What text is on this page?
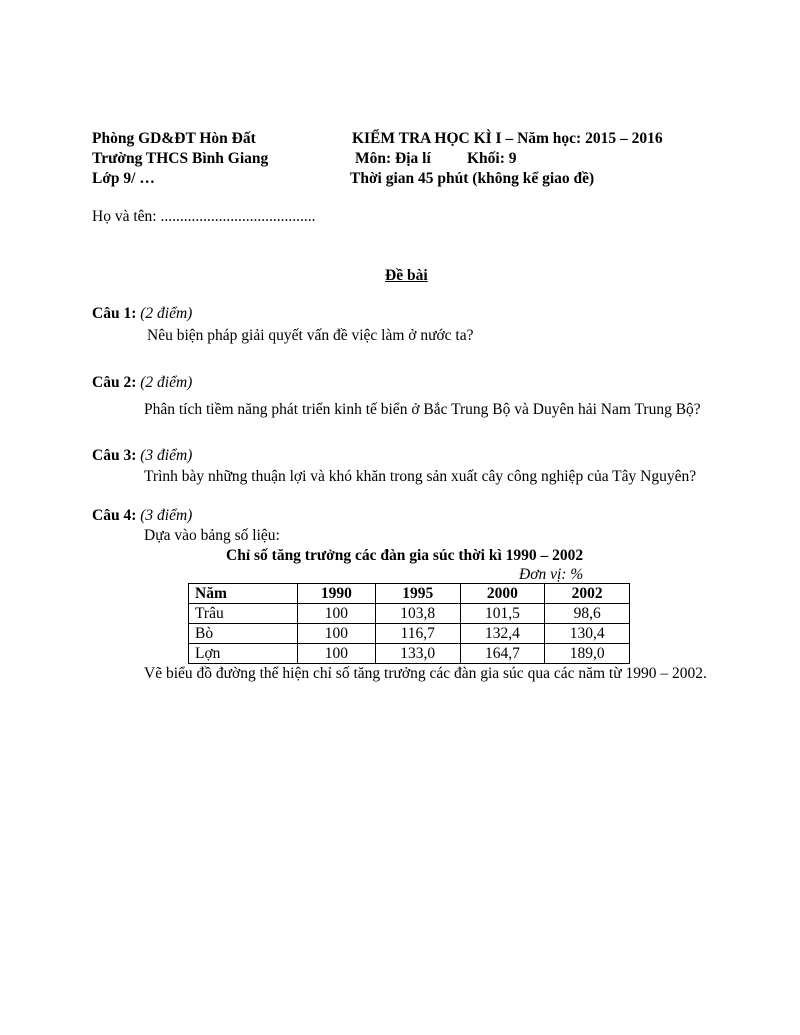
Phòng GD&ĐT Hòn Đất
Trường THCS Bình Giang
Lớp 9/ …
KIỂM TRA HỌC KÌ I – Năm học: 2015 – 2016
Môn: Địa lí Khối: 9
Thời gian 45 phút (không kể giao đề)
Họ và tên: ........................................
Đề bài
Câu 1: (2 điểm)
Nêu biện pháp giải quyết vấn đề việc làm ở nước ta?
Câu 2: (2 điểm)
Phân tích tiềm năng phát triển kinh tế biển ở Bắc Trung Bộ và Duyên hải Nam Trung Bộ?
Câu 3: (3 điểm)
Trình bày những thuận lợi và khó khăn trong sản xuất cây công nghiệp của Tây Nguyên?
Câu 4: (3 điểm)
Dựa vào bảng số liệu:
Chỉ số tăng trưởng các đàn gia súc thời kì 1990 – 2002
Đơn vị: %
Năm	1990	1995	2000	2002
Trâu	100	103,8	101,5	98,6
Bò	100	116,7	132,4	130,4
Lợn	100	133,0	164,7	189,0
Vẽ biểu đồ đường thể hiện chỉ số tăng trưởng các đàn gia súc qua các năm từ 1990 – 2002.
